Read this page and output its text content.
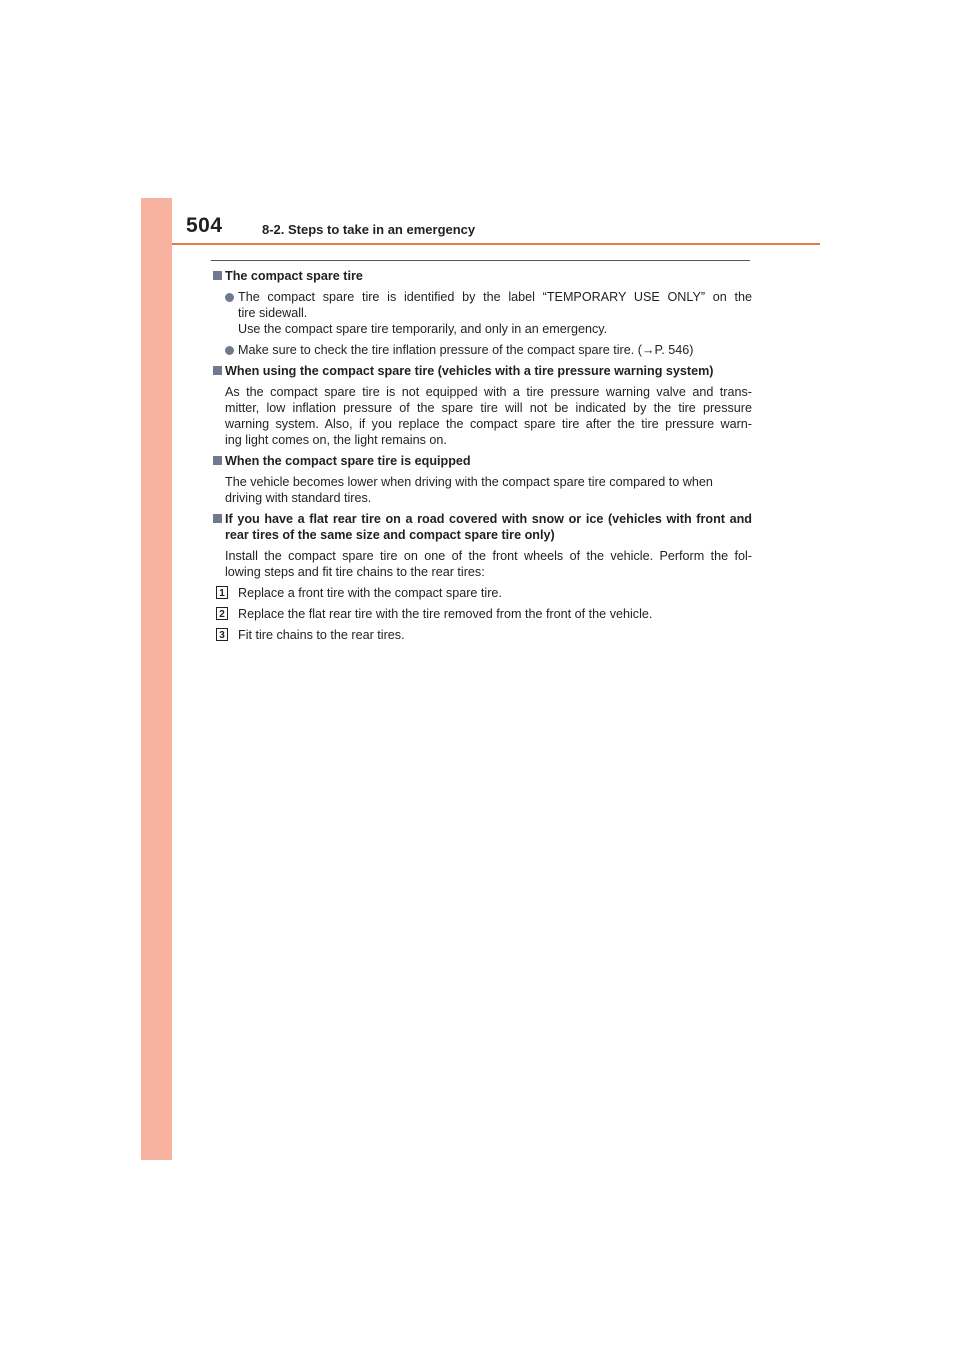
504	8-2. Steps to take in an emergency
The compact spare tire
The compact spare tire is identified by the label “TEMPORARY USE ONLY” on the
tire sidewall.
Use the compact spare tire temporarily, and only in an emergency.
Make sure to check the tire inflation pressure of the compact spare tire. (→P. 546)
When using the compact spare tire (vehicles with a tire pressure warning system)
As the compact spare tire is not equipped with a tire pressure warning valve and trans-
mitter, low inflation pressure of the spare tire will not be indicated by the tire pressure
warning system. Also, if you replace the compact spare tire after the tire pressure warn-
ing light comes on, the light remains on.
When the compact spare tire is equipped
The vehicle becomes lower when driving with the compact spare tire compared to when
driving with standard tires.
If you have a flat rear tire on a road covered with snow or ice (vehicles with front and
rear tires of the same size and compact spare tire only)
Install the compact spare tire on one of the front wheels of the vehicle. Perform the fol-
lowing steps and fit tire chains to the rear tires:
1 Replace a front tire with the compact spare tire.
2 Replace the flat rear tire with the tire removed from the front of the vehicle.
3 Fit tire chains to the rear tires.
